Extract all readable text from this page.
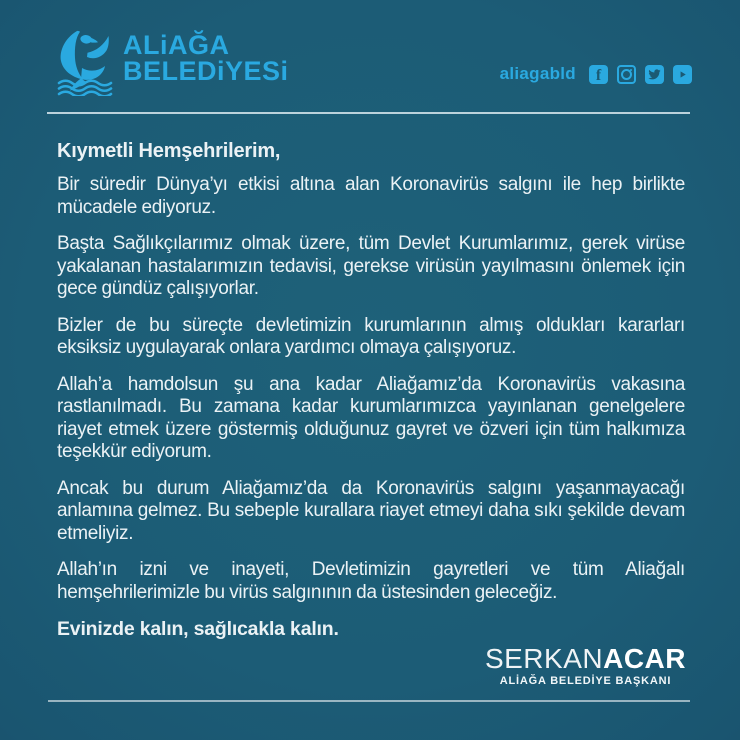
ALiAĞA
BELEDiYESi	aliagabld f

Kıymetli Hemşehrilerim,

Bir süredir Dünya’yı etkisi altına alan Koronavirüs salgını ile hep birlikte mücadele ediyoruz.

Başta Sağlıkçılarımız olmak üzere, tüm Devlet Kurumlarımız, gerek virüse yakalanan hastalarımızın tedavisi, gerekse virüsün yayılmasını önlemek için gece gündüz çalışıyorlar.

Bizler de bu süreçte devletimizin kurumlarının almış oldukları kararları eksiksiz uygulayarak onlara yardımcı olmaya çalışıyoruz.

Allah’a hamdolsun şu ana kadar Aliağamız’da Koronavirüs vakasına rastlanılmadı. Bu zamana kadar kurumlarımızca yayınlanan genelgelere riayet etmek üzere göstermiş olduğunuz gayret ve özveri için tüm halkımıza teşekkür ediyorum.

Ancak bu durum Aliağamız’da da Koronavirüs salgını yaşanmayacağı anlamına gelmez. Bu sebeple kurallara riayet etmeyi daha sıkı şekilde devam etmeliyiz.

Allah’ın izni ve inayeti, Devletimizin gayretleri ve tüm Aliağalı hemşehrilerimizle bu virüs salgınının da üstesinden geleceğiz.

Evinizde kalın, sağlıcakla kalın.

SERKANACAR
ALİAĞA BELEDİYE BAŞKANI
